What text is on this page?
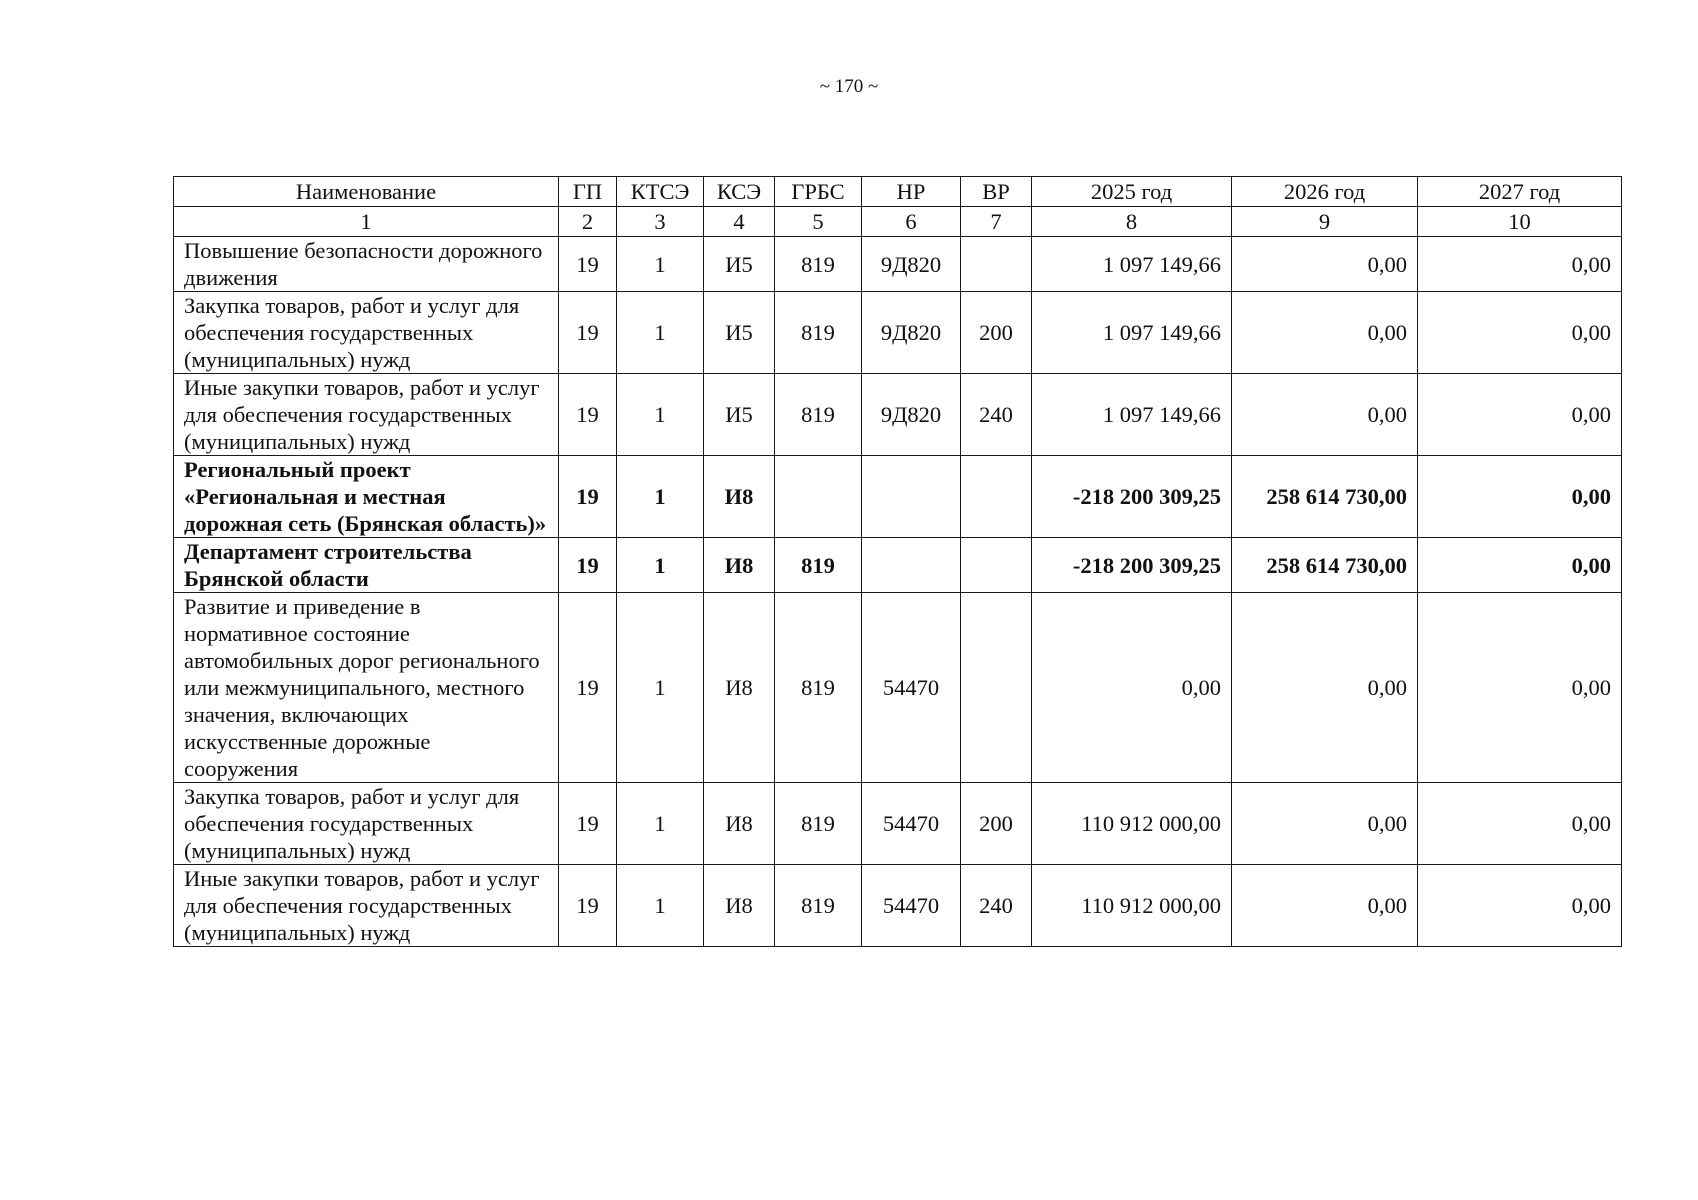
~ 170 ~
Наименование	ГП	КТСЭ	КСЭ	ГРБС	НР	ВР	2025 год	2026 год	2027 год
1	2	3	4	5	6	7	8	9	10
Повышение безопасности дорожного движения	19	1	И5	819	9Д820		1 097 149,66	0,00	0,00
Закупка товаров, работ и услуг для обеспечения государственных (муниципальных) нужд	19	1	И5	819	9Д820	200	1 097 149,66	0,00	0,00
Иные закупки товаров, работ и услуг для обеспечения государственных (муниципальных) нужд	19	1	И5	819	9Д820	240	1 097 149,66	0,00	0,00
Региональный проект «Региональная и местная дорожная сеть (Брянская область)»	19	1	И8				-218 200 309,25	258 614 730,00	0,00
Департамент строительства Брянской области	19	1	И8	819			-218 200 309,25	258 614 730,00	0,00
Развитие и приведение в нормативное состояние автомобильных дорог регионального или межмуниципального, местного значения, включающих искусственные дорожные сооружения	19	1	И8	819	54470		0,00	0,00	0,00
Закупка товаров, работ и услуг для обеспечения государственных (муниципальных) нужд	19	1	И8	819	54470	200	110 912 000,00	0,00	0,00
Иные закупки товаров, работ и услуг для обеспечения государственных (муниципальных) нужд	19	1	И8	819	54470	240	110 912 000,00	0,00	0,00
